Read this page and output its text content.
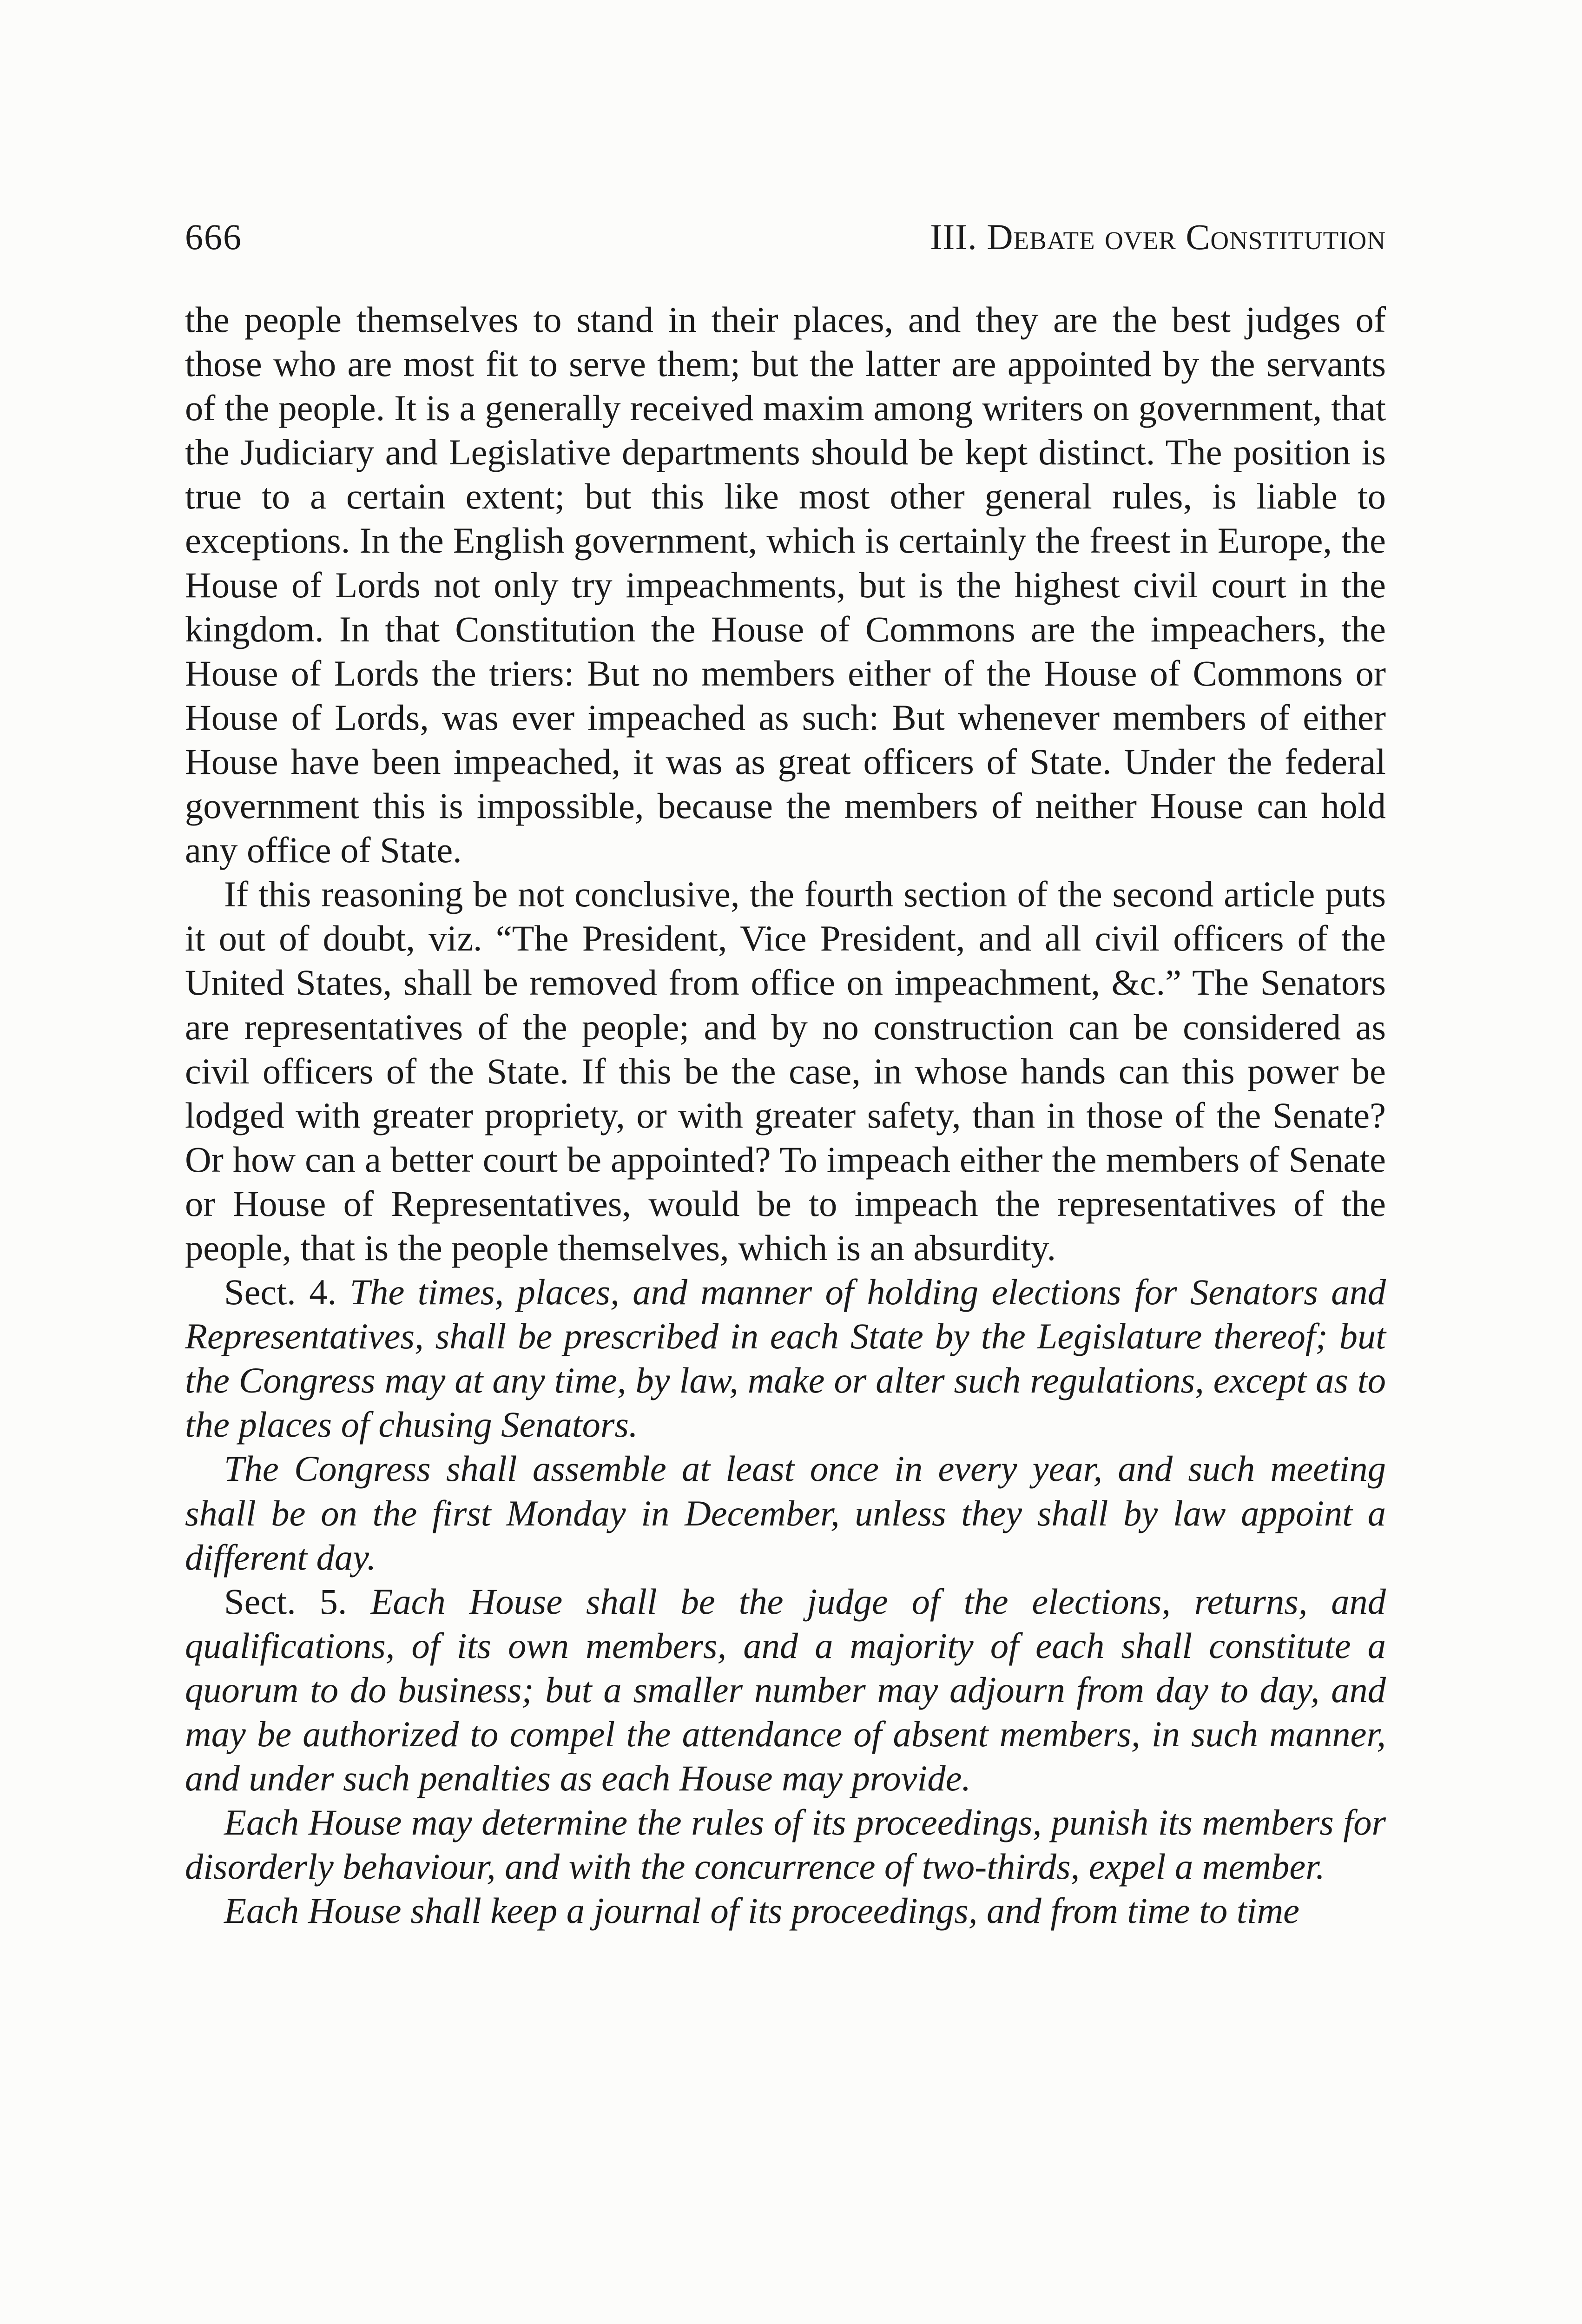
666	III. Debate over Constitution

the people themselves to stand in their places, and they are the best judges of those who are most fit to serve them; but the latter are appointed by the servants of the people. It is a generally received maxim among writers on government, that the Judiciary and Legislative departments should be kept distinct. The position is true to a certain extent; but this like most other general rules, is liable to exceptions. In the English government, which is certainly the freest in Europe, the House of Lords not only try impeachments, but is the highest civil court in the kingdom. In that Constitution the House of Commons are the impeachers, the House of Lords the triers: But no members either of the House of Commons or House of Lords, was ever impeached as such: But whenever members of either House have been impeached, it was as great officers of State. Under the federal government this is impossible, because the members of neither House can hold any office of State.

If this reasoning be not conclusive, the fourth section of the second article puts it out of doubt, viz. “The President, Vice President, and all civil officers of the United States, shall be removed from office on impeachment, &c.” The Senators are representatives of the people; and by no construction can be considered as civil officers of the State. If this be the case, in whose hands can this power be lodged with greater propriety, or with greater safety, than in those of the Senate? Or how can a better court be appointed? To impeach either the members of Senate or House of Representatives, would be to impeach the representatives of the people, that is the people themselves, which is an absurdity.

Sect. 4. The times, places, and manner of holding elections for Senators and Representatives, shall be prescribed in each State by the Legislature thereof; but the Congress may at any time, by law, make or alter such regulations, except as to the places of chusing Senators.

The Congress shall assemble at least once in every year, and such meeting shall be on the first Monday in December, unless they shall by law appoint a different day.

Sect. 5. Each House shall be the judge of the elections, returns, and qualifications, of its own members, and a majority of each shall constitute a quorum to do business; but a smaller number may adjourn from day to day, and may be authorized to compel the attendance of absent members, in such manner, and under such penalties as each House may provide.

Each House may determine the rules of its proceedings, punish its members for disorderly behaviour, and with the concurrence of two-thirds, expel a member.

Each House shall keep a journal of its proceedings, and from time to time
